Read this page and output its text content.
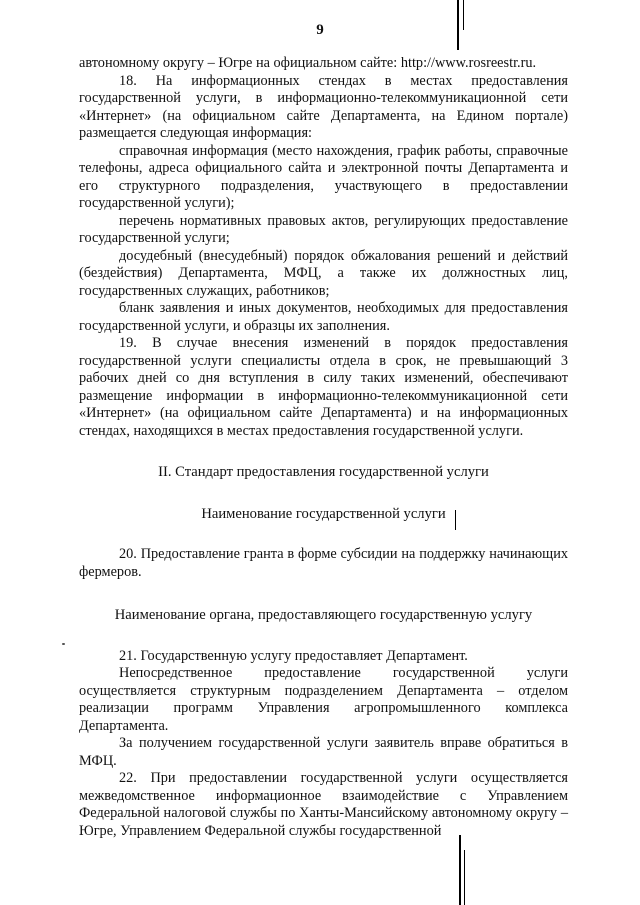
9

автономному округу – Югре на официальном сайте: http://www.rosreestr.ru.

18. На информационных стендах в местах предоставления государственной услуги, в информационно-телекоммуникационной сети «Интернет» (на официальном сайте Департамента, на Едином портале) размещается следующая информация:

справочная информация (место нахождения, график работы, справочные телефоны, адреса официального сайта и электронной почты Департамента и его структурного подразделения, участвующего в предоставлении государственной услуги);

перечень нормативных правовых актов, регулирующих предоставление государственной услуги;

досудебный (внесудебный) порядок обжалования решений и действий (бездействия) Департамента, МФЦ, а также их должностных лиц, государственных служащих, работников;

бланк заявления и иных документов, необходимых для предоставления государственной услуги, и образцы их заполнения.

19. В случае внесения изменений в порядок предоставления государственной услуги специалисты отдела в срок, не превышающий 3 рабочих дней со дня вступления в силу таких изменений, обеспечивают размещение информации в информационно-телекоммуникационной сети «Интернет» (на официальном сайте Департамента) и на информационных стендах, находящихся в местах предоставления государственной услуги.

II. Стандарт предоставления государственной услуги
Наименование государственной услуги

20. Предоставление гранта в форме субсидии на поддержку начинающих фермеров.

Наименование органа, предоставляющего государственную услугу

21. Государственную услугу предоставляет Департамент.

Непосредственное предоставление государственной услуги осуществляется структурным подразделением Департамента – отделом реализации программ Управления агропромышленного комплекса Департамента.

За получением государственной услуги заявитель вправе обратиться в МФЦ.

22. При предоставлении государственной услуги осуществляется межведомственное информационное взаимодействие с Управлением Федеральной налоговой службы по Ханты-Мансийскому автономному округу – Югре, Управлением Федеральной службы государственной
